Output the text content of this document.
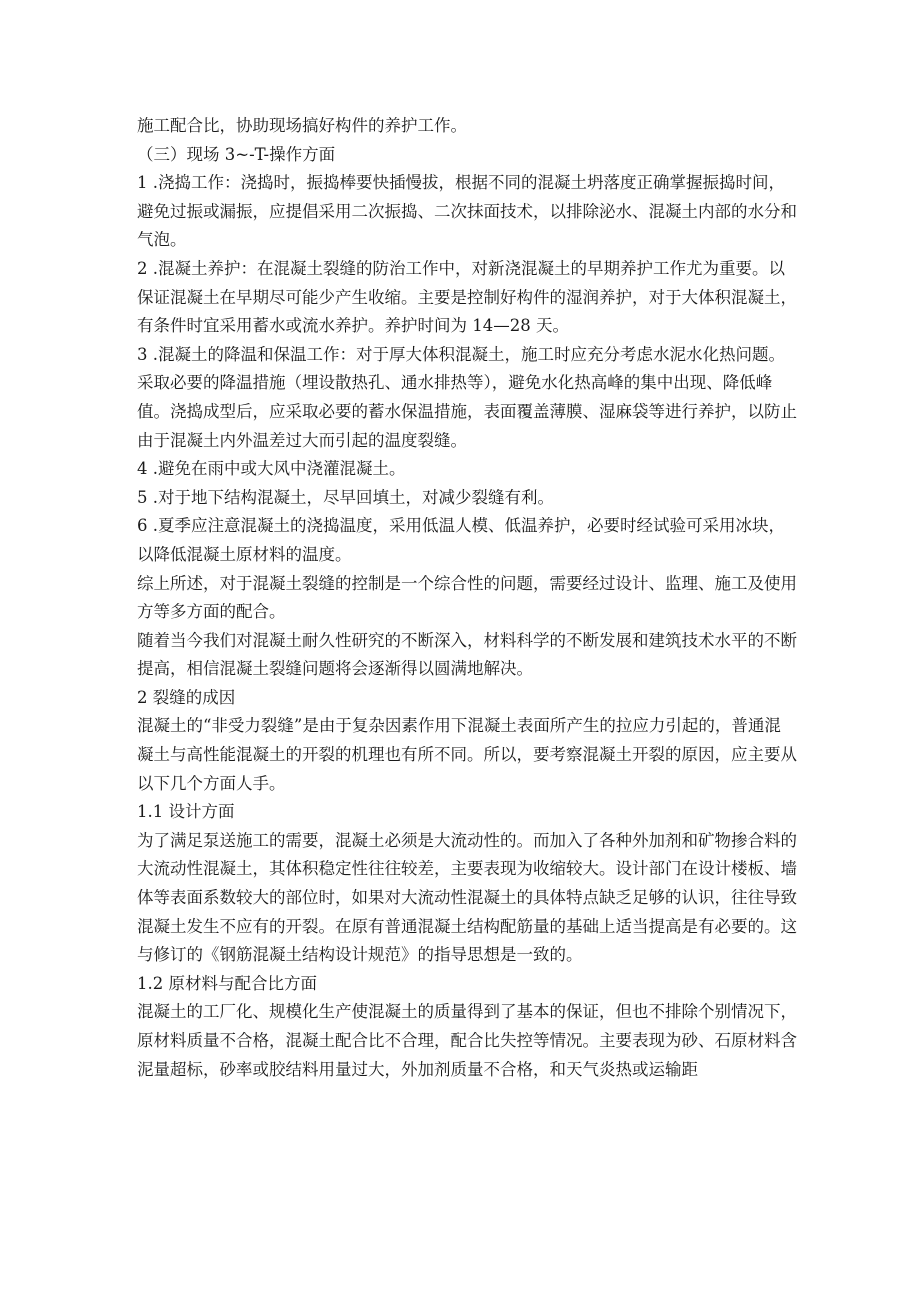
施工配合比，协助现场搞好构件的养护工作。

（三）现场 3~-T-操作方面

1 .浇捣工作：浇捣时，振捣棒要快插慢拔，根据不同的混凝土坍落度正确掌握振捣时间，避免过振或漏振，应提倡采用二次振捣、二次抹面技术，以排除泌水、混凝土内部的水分和气泡。

2 .混凝土养护：在混凝土裂缝的防治工作中，对新浇混凝土的早期养护工作尤为重要。以保证混凝土在早期尽可能少产生收缩。主要是控制好构件的湿润养护，对于大体积混凝土，有条件时宜采用蓄水或流水养护。养护时间为 14—28 天。

3 .混凝土的降温和保温工作：对于厚大体积混凝土，施工时应充分考虑水泥水化热问题。采取必要的降温措施（埋设散热孔、通水排热等），避免水化热高峰的集中出现、降低峰值。浇捣成型后，应采取必要的蓄水保温措施，表面覆盖薄膜、湿麻袋等进行养护，以防止由于混凝土内外温差过大而引起的温度裂缝。

4 .避免在雨中或大风中浇灌混凝土。

5 .对于地下结构混凝土，尽早回填土，对减少裂缝有利。

6 .夏季应注意混凝土的浇捣温度，采用低温人模、低温养护，必要时经试验可采用冰块，以降低混凝土原材料的温度。

综上所述，对于混凝土裂缝的控制是一个综合性的问题，需要经过设计、监理、施工及使用方等多方面的配合。

随着当今我们对混凝土耐久性研究的不断深入，材料科学的不断发展和建筑技术水平的不断提高，相信混凝土裂缝问题将会逐渐得以圆满地解决。

2 裂缝的成因

混凝土的“非受力裂缝”是由于复杂因素作用下混凝土表面所产生的拉应力引起的，普通混凝土与高性能混凝土的开裂的机理也有所不同。所以，要考察混凝土开裂的原因，应主要从以下几个方面人手。

1.1 设计方面

为了满足泵送施工的需要，混凝土必须是大流动性的。而加入了各种外加剂和矿物掺合料的大流动性混凝土，其体积稳定性往往较差，主要表现为收缩较大。设计部门在设计楼板、墙体等表面系数较大的部位时，如果对大流动性混凝土的具体特点缺乏足够的认识，往往导致混凝土发生不应有的开裂。在原有普通混凝土结构配筋量的基础上适当提高是有必要的。这与修订的《钢筋混凝土结构设计规范》的指导思想是一致的。

1.2 原材料与配合比方面

混凝土的工厂化、规模化生产使混凝土的质量得到了基本的保证，但也不排除个别情况下，原材料质量不合格，混凝土配合比不合理，配合比失控等情况。主要表现为砂、石原材料含泥量超标，砂率或胶结料用量过大，外加剂质量不合格，和天气炎热或运输距
